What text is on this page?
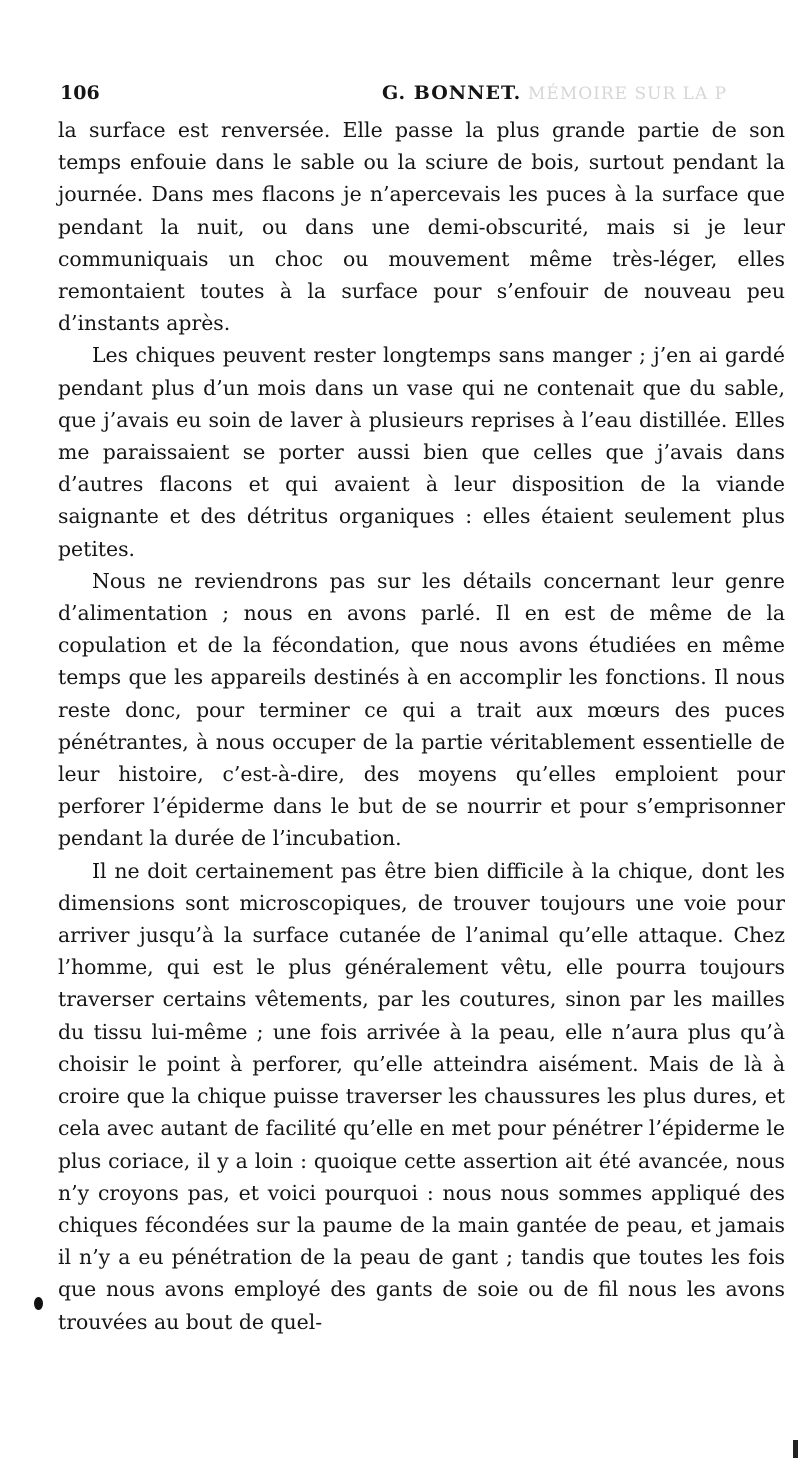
106	G. BONNET. MÉMOIRE SUR LA P

la surface est renversée. Elle passe la plus grande partie de son temps enfouie dans le sable ou la sciure de bois, surtout pendant la journée. Dans mes flacons je n’apercevais les puces à la surface que pendant la nuit, ou dans une demi-obscurité, mais si je leur communiquais un choc ou mouvement même très-léger, elles remontaient toutes à la surface pour s’enfouir de nouveau peu d’instants après.

Les chiques peuvent rester longtemps sans manger ; j’en ai gardé pendant plus d’un mois dans un vase qui ne contenait que du sable, que j’avais eu soin de laver à plusieurs reprises à l’eau distillée. Elles me paraissaient se porter aussi bien que celles que j’avais dans d’autres flacons et qui avaient à leur disposition de la viande saignante et des détritus organiques : elles étaient seulement plus petites.

Nous ne reviendrons pas sur les détails concernant leur genre d’alimentation ; nous en avons parlé. Il en est de même de la copulation et de la fécondation, que nous avons étudiées en même temps que les appareils destinés à en accomplir les fonctions. Il nous reste donc, pour terminer ce qui a trait aux mœurs des puces pénétrantes, à nous occuper de la partie véritablement essentielle de leur histoire, c’est-à-dire, des moyens qu’elles emploient pour perforer l’épiderme dans le but de se nourrir et pour s’emprisonner pendant la durée de l’incubation.

Il ne doit certainement pas être bien difficile à la chique, dont les dimensions sont microscopiques, de trouver toujours une voie pour arriver jusqu’à la surface cutanée de l’animal qu’elle attaque. Chez l’homme, qui est le plus généralement vêtu, elle pourra toujours traverser certains vêtements, par les coutures, sinon par les mailles du tissu lui-même ; une fois arrivée à la peau, elle n’aura plus qu’à choisir le point à perforer, qu’elle atteindra aisément. Mais de là à croire que la chique puisse traverser les chaussures les plus dures, et cela avec autant de facilité qu’elle en met pour pénétrer l’épiderme le plus coriace, il y a loin : quoique cette assertion ait été avancée, nous n’y croyons pas, et voici pourquoi : nous nous sommes appliqué des chiques fécondées sur la paume de la main gantée de peau, et jamais il n’y a eu pénétration de la peau de gant ; tandis que toutes les fois que nous avons employé des gants de soie ou de fil nous les avons trouvées au bout de quel-
